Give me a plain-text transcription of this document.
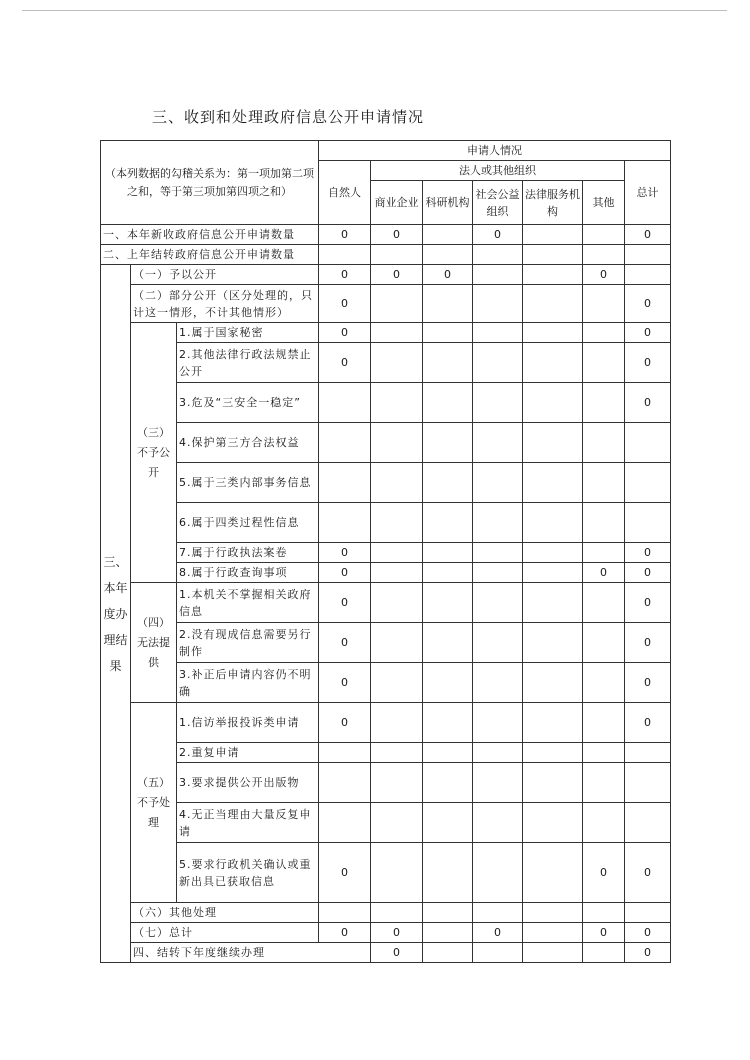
三、收到和处理政府信息公开申请情况
（本列数据的勾稽关系为：第一项加第二项之和，等于第三项加第四项之和）			申请人情况							
			自然人	法人或其他组织					总计	
				商业企业	科研机构	社会公益组织	法律服务机构	其他		
一、本年新收政府信息公开申请数量			0	0		0			0	
二、上年结转政府信息公开申请数量										
三、本年度办理结果	（一）予以公开		0	0	0			0		
	（二）部分公开（区分处理的，只计这一情形，不计其他情形）		0						0	
	（三）不予公开	1.属于国家秘密	0						0	
		2.其他法律行政法规禁止公开	0						0	
		3.危及“三安全一稳定”							0	
		4.保护第三方合法权益								
		5.属于三类内部事务信息								
		6.属于四类过程性信息								
		7.属于行政执法案卷	0						0	
		8.属于行政查询事项	0					0	0	
	（四）无法提供	1.本机关不掌握相关政府信息	0						0	
		2.没有现成信息需要另行制作	0						0	
		3.补正后申请内容仍不明确	0						0	
	（五）不予处理	1.信访举报投诉类申请	0						0	
		2.重复申请								
		3.要求提供公开出版物								
		4.无正当理由大量反复申请								
		5.要求行政机关确认或重新出具已获取信息	0					0	0	
	（六）其他处理									
	（七）总计		0	0		0		0	0	
	四、结转下年度继续办理			0					0	
